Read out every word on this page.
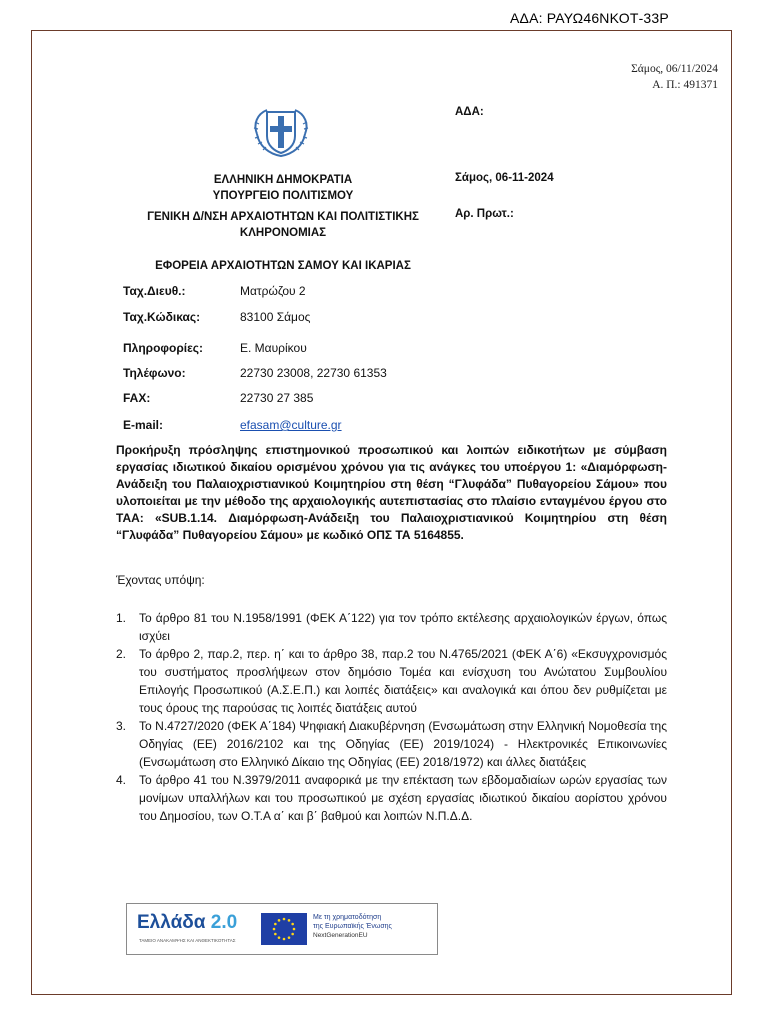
ΑΔΑ: ΡΑΥΩ46ΝΚΟΤ-33Ρ
Σάμος, 06/11/2024
Α. Π.: 491371
ΕΛΛΗΝΙΚΗ ΔΗΜΟΚΡΑΤΙΑ
ΥΠΟΥΡΓΕΙΟ ΠΟΛΙΤΙΣΜΟΥ
ΓΕΝΙΚΗ Δ/ΝΣΗ ΑΡΧΑΙΟΤΗΤΩΝ ΚΑΙ ΠΟΛΙΤΙΣΤΙΚΗΣ
ΚΛΗΡΟΝΟΜΙΑΣ
ΕΦΟΡΕΙΑ ΑΡΧΑΙΟΤΗΤΩΝ ΣΑΜΟΥ ΚΑΙ ΙΚΑΡΙΑΣ
ΑΔΑ:
Σάμος, 06-11-2024
Αρ. Πρωτ.:
Ταχ.Διευθ.:	Ματρώζου 2
Ταχ.Κώδικας:	83100 Σάμος
Πληροφορίες:	Ε. Μαυρίκου
Τηλέφωνο:	22730 23008, 22730 61353
FAX:	22730 27 385
E-mail:	efasam@culture.gr
Προκήρυξη πρόσληψης επιστημονικού προσωπικού και λοιπών ειδικοτήτων με σύμβαση εργασίας ιδιωτικού δικαίου ορισμένου χρόνου για τις ανάγκες του υποέργου 1: «Διαμόρφωση-Ανάδειξη του Παλαιοχριστιανικού Κοιμητηρίου στη θέση “Γλυφάδα” Πυθαγορείου Σάμου» που υλοποιείται με την μέθοδο της αρχαιολογικής αυτεπιστασίας στο πλαίσιο ενταγμένου έργου στο ΤΑΑ: «SUB.1.14. Διαμόρφωση-Ανάδειξη του Παλαιοχριστιανικού Κοιμητηρίου στη θέση “Γλυφάδα” Πυθαγορείου Σάμου» με κωδικό ΟΠΣ ΤΑ 5164855.
Έχοντας υπόψη:
1. Το άρθρο 81 του Ν.1958/1991 (ΦΕΚ Α΄122) για τον τρόπο εκτέλεσης αρχαιολογικών έργων, όπως ισχύει
2. Το άρθρο 2, παρ.2, περ. η΄ και το άρθρο 38, παρ.2 του Ν.4765/2021 (ΦΕΚ Α΄6) «Εκσυγχρονισμός του συστήματος προσλήψεων στον δημόσιο Τομέα και ενίσχυση του Ανώτατου Συμβουλίου Επιλογής Προσωπικού (Α.Σ.Ε.Π.) και λοιπές διατάξεις» και αναλογικά και όπου δεν ρυθμίζεται με τους όρους της παρούσας τις λοιπές διατάξεις αυτού
3. Το Ν.4727/2020 (ΦΕΚ Α΄184) Ψηφιακή Διακυβέρνηση (Ενσωμάτωση στην Ελληνική Νομοθεσία της Οδηγίας (ΕΕ) 2016/2102 και της Οδηγίας (ΕΕ) 2019/1024) - Ηλεκτρονικές Επικοινωνίες (Ενσωμάτωση στο Ελληνικό Δίκαιο της Οδηγίας (ΕΕ) 2018/1972) και άλλες διατάξεις
4. Το άρθρο 41 του Ν.3979/2011 αναφορικά με την επέκταση των εβδομαδιαίων ωρών εργασίας των μονίμων υπαλλήλων και του προσωπικού με σχέση εργασίας ιδιωτικού δικαίου αορίστου χρόνου του Δημοσίου, των Ο.Τ.Α α΄ και β΄ βαθμού και λοιπών Ν.Π.Δ.Δ.
Ελλάδα 2.0
ΤΑΜΕΙΟ ΑΝΑΚΑΜΨΗΣ ΚΑΙ ΑΝΘΕΚΤΙΚΟΤΗΤΑΣ
Με τη χρηματοδότηση
της Ευρωπαϊκής Ένωσης
NextGenerationEU
